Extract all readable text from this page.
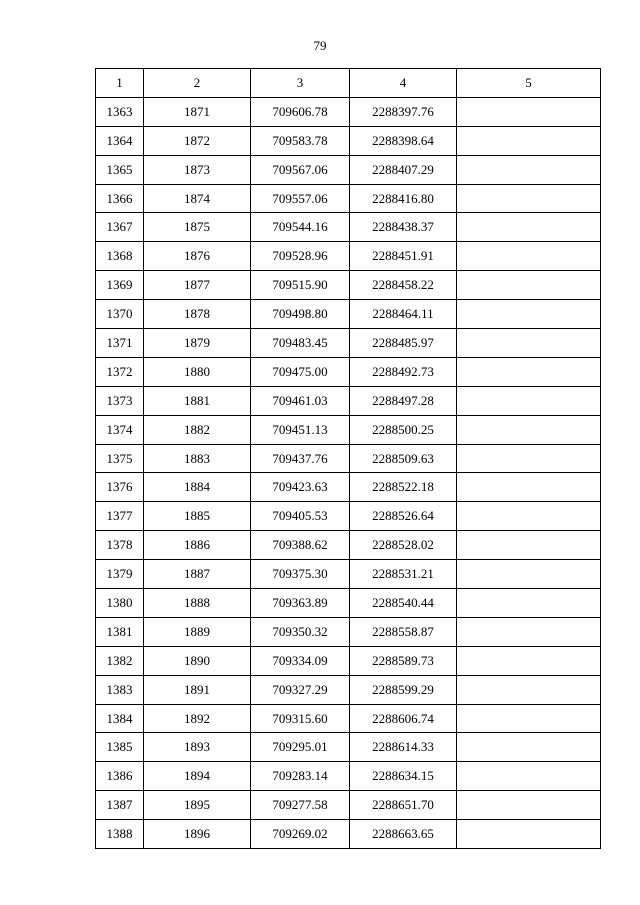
79
1	2	3	4	5
1363	1871	709606.78	2288397.76	
1364	1872	709583.78	2288398.64	
1365	1873	709567.06	2288407.29	
1366	1874	709557.06	2288416.80	
1367	1875	709544.16	2288438.37	
1368	1876	709528.96	2288451.91	
1369	1877	709515.90	2288458.22	
1370	1878	709498.80	2288464.11	
1371	1879	709483.45	2288485.97	
1372	1880	709475.00	2288492.73	
1373	1881	709461.03	2288497.28	
1374	1882	709451.13	2288500.25	
1375	1883	709437.76	2288509.63	
1376	1884	709423.63	2288522.18	
1377	1885	709405.53	2288526.64	
1378	1886	709388.62	2288528.02	
1379	1887	709375.30	2288531.21	
1380	1888	709363.89	2288540.44	
1381	1889	709350.32	2288558.87	
1382	1890	709334.09	2288589.73	
1383	1891	709327.29	2288599.29	
1384	1892	709315.60	2288606.74	
1385	1893	709295.01	2288614.33	
1386	1894	709283.14	2288634.15	
1387	1895	709277.58	2288651.70	
1388	1896	709269.02	2288663.65	
